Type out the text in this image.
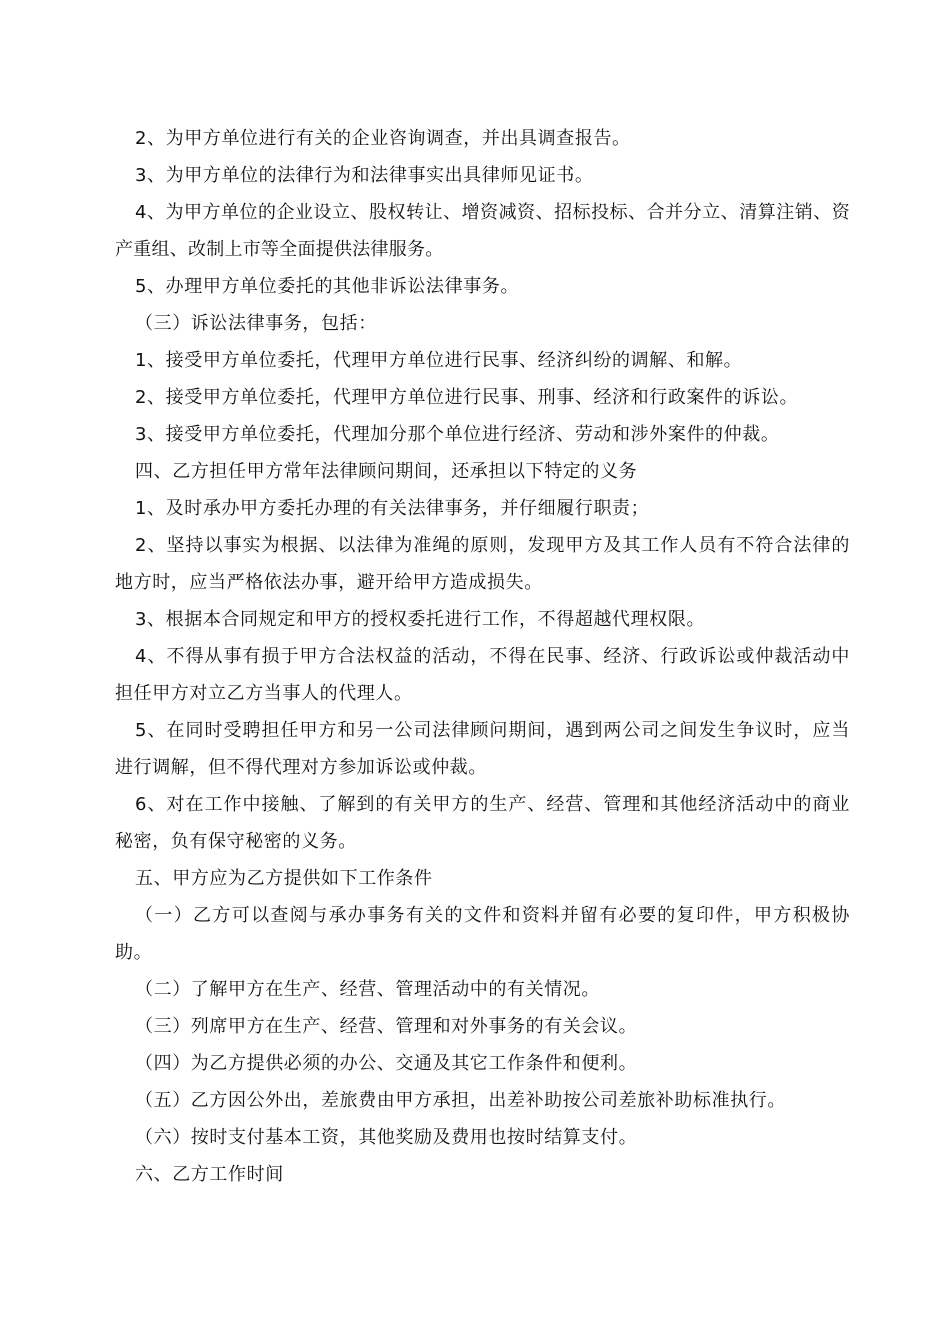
2、为甲方单位进行有关的企业咨询调查，并出具调查报告。

3、为甲方单位的法律行为和法律事实出具律师见证书。

4、为甲方单位的企业设立、股权转让、增资减资、招标投标、合并分立、清算注销、资产重组、改制上市等全面提供法律服务。

5、办理甲方单位委托的其他非诉讼法律事务。

（三）诉讼法律事务，包括：

1、接受甲方单位委托，代理甲方单位进行民事、经济纠纷的调解、和解。

2、接受甲方单位委托，代理甲方单位进行民事、刑事、经济和行政案件的诉讼。

3、接受甲方单位委托，代理加分那个单位进行经济、劳动和涉外案件的仲裁。

四、乙方担任甲方常年法律顾问期间，还承担以下特定的义务

1、及时承办甲方委托办理的有关法律事务，并仔细履行职责；

2、坚持以事实为根据、以法律为准绳的原则，发现甲方及其工作人员有不符合法律的地方时，应当严格依法办事，避开给甲方造成损失。

3、根据本合同规定和甲方的授权委托进行工作，不得超越代理权限。

4、不得从事有损于甲方合法权益的活动，不得在民事、经济、行政诉讼或仲裁活动中担任甲方对立乙方当事人的代理人。

5、在同时受聘担任甲方和另一公司法律顾问期间，遇到两公司之间发生争议时，应当进行调解，但不得代理对方参加诉讼或仲裁。

6、对在工作中接触、了解到的有关甲方的生产、经营、管理和其他经济活动中的商业秘密，负有保守秘密的义务。

五、甲方应为乙方提供如下工作条件

（一）乙方可以查阅与承办事务有关的文件和资料并留有必要的复印件，甲方积极协助。

（二）了解甲方在生产、经营、管理活动中的有关情况。

（三）列席甲方在生产、经营、管理和对外事务的有关会议。

（四）为乙方提供必须的办公、交通及其它工作条件和便利。

（五）乙方因公外出，差旅费由甲方承担，出差补助按公司差旅补助标准执行。

（六）按时支付基本工资，其他奖励及费用也按时结算支付。

六、乙方工作时间
